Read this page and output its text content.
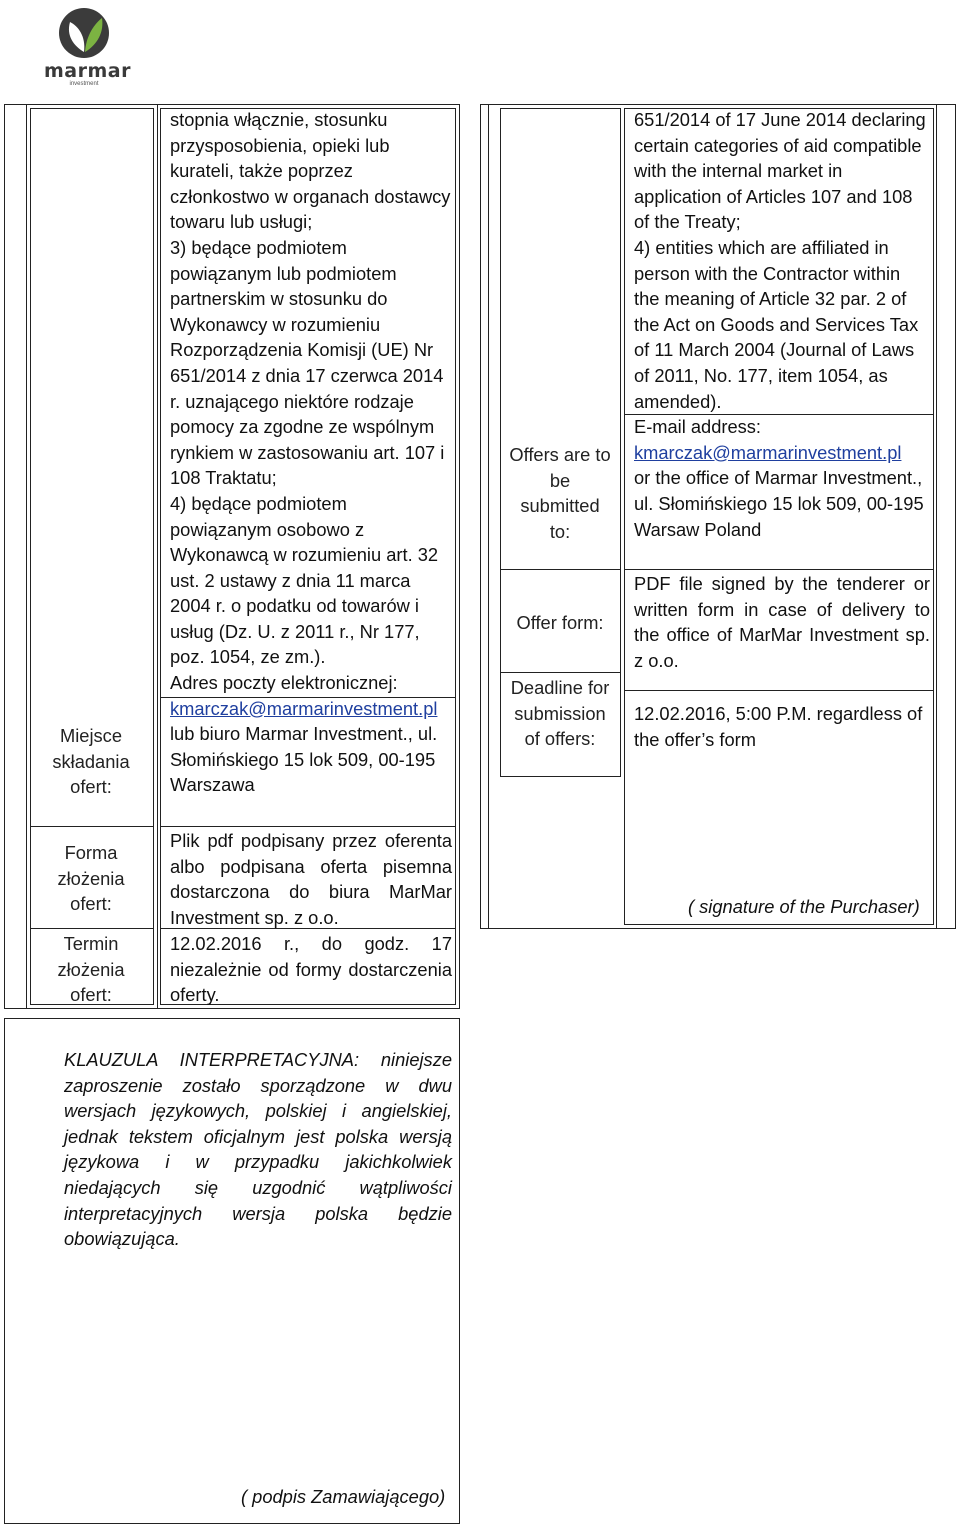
marmar
investment
Miejsce składania ofert:
Forma złożenia ofert:
Termin złożenia ofert:
stopnia włącznie, stosunku przysposobienia, opieki lub kurateli, także poprzez członkostwo w organach dostawcy towaru lub usługi;
3) będące podmiotem powiązanym lub podmiotem partnerskim w stosunku do Wykonawcy w rozumieniu Rozporządzenia Komisji (UE) Nr 651/2014 z dnia 17 czerwca 2014 r. uznającego niektóre rodzaje pomocy za zgodne ze wspólnym rynkiem w zastosowaniu art. 107 i 108 Traktatu;
4) będące podmiotem powiązanym osobowo z Wykonawcą w rozumieniu art. 32 ust. 2 ustawy z dnia 11 marca 2004 r. o podatku od towarów i usług (Dz. U. z 2011 r., Nr 177, poz. 1054, ze zm.).
Adres poczty elektronicznej:
kmarczak@marmarinvestment.pl
lub biuro Marmar Investment., ul. Słomińskiego 15 lok 509, 00-195 Warszawa
Plik pdf podpisany przez oferenta albo podpisana oferta pisemna dostarczona do biura MarMar Investment sp. z o.o.
12.02.2016 r., do godz. 17 niezależnie od formy dostarczenia oferty.
KLAUZULA INTERPRETACYJNA: niniejsze zaproszenie zostało sporządzone w dwu wersjach językowych, polskiej i angielskiej, jednak tekstem oficjalnym jest polska wersją językowa i w przypadku jakichkolwiek niedających się uzgodnić wątpliwości interpretacyjnych wersja polska będzie obowiązująca.
( podpis Zamawiającego)
Offers are to be submitted to:
Offer form:
Deadline for submission of offers:
651/2014 of 17 June 2014 declaring certain categories of aid compatible with the internal market in application of Articles 107 and 108 of the Treaty;
4) entities which are affiliated in person with the Contractor within the meaning of Article 32 par. 2 of the Act on Goods and Services Tax of 11 March 2004 (Journal of Laws of 2011, No. 177, item 1054, as amended).
E-mail address:
kmarczak@marmarinvestment.pl
or the office of Marmar Investment., ul. Słomińskiego 15 lok 509, 00-195 Warsaw Poland
PDF file signed by the tenderer or written form in case of delivery to the office of MarMar Investment sp. z o.o.
12.02.2016, 5:00 P.M. regardless of the offer’s form
( signature of the Purchaser)
